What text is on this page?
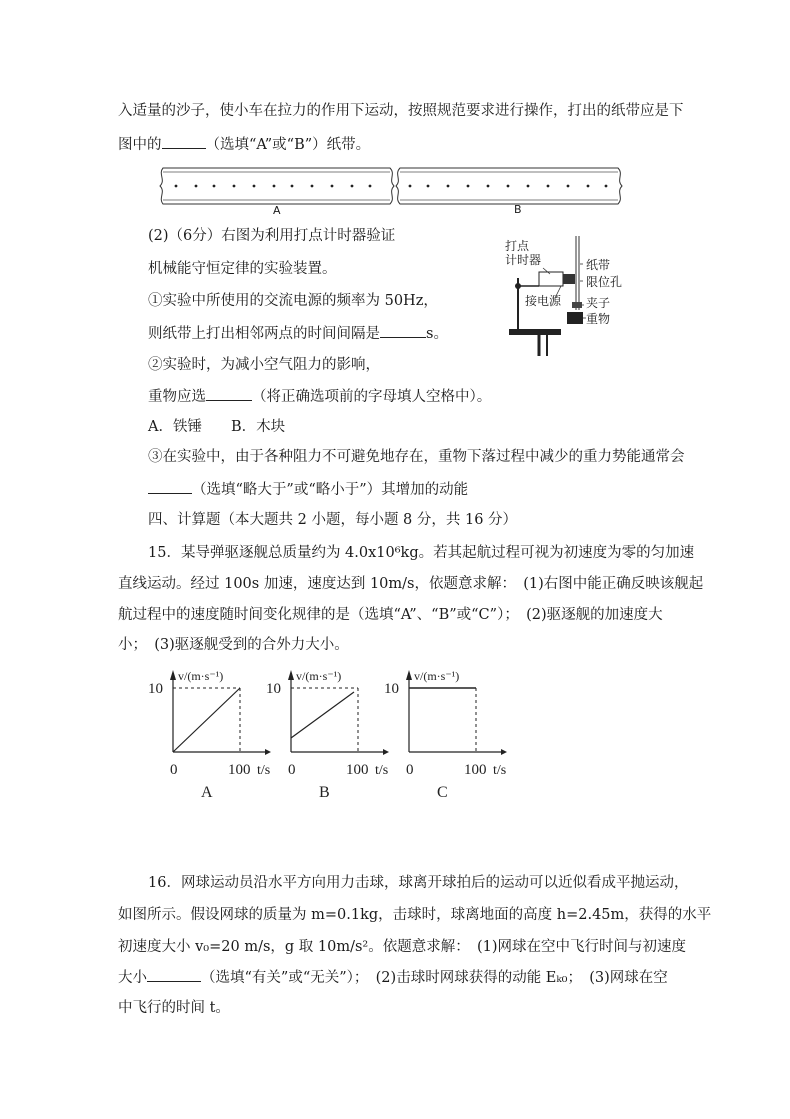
入适量的沙子，使小车在拉力的作用下运动，按照规范要求进行操作，打出的纸带应是下
图中的	（选填“A”或“B”）纸带。
A	B
(2)（6分）右图为利用打点计时器验证
机械能守恒定律的实验装置。
①实验中所使用的交流电源的频率为 50Hz，
则纸带上打出相邻两点的时间间隔是	s。
②实验时，为减小空气阻力的影响，
重物应选	（将正确选项前的字母填人空格中）。
A．铁锤　　B．木块
③在实验中，由于各种阻力不可避免地存在，重物下落过程中减少的重力势能通常会
（选填“略大于”或“略小于”）其增加的动能
打点
计时器	纸带
限位孔
接电源 夹子
重物
四、计算题（本大题共 2 小题，每小题 8 分，共 16 分）
15．某导弹驱逐舰总质量约为 4.0x10⁶kg。若其起航过程可视为初速度为零的匀加速
直线运动。经过 100s 加速，速度达到 10m/s，依题意求解：　(1)右图中能正确反映该舰起
航过程中的速度随时间变化规律的是（选填“A”、“B”或“C”）；　(2)驱逐舰的加速度大
小；　(3)驱逐舰受到的合外力大小。
v/(m·s⁻¹)
10
0	100 t/s
A
v/(m·s⁻¹)
10
0	100 t/s
B
v/(m·s⁻¹)
10
0	100 t/s
C
16．网球运动员沿水平方向用力击球，球离开球拍后的运动可以近似看成平抛运动，
如图所示。假设网球的质量为 m=0.1kg，击球时，球离地面的高度 h=2.45m，获得的水平
初速度大小 v₀=20 m/s，g 取 10m/s²。依题意求解：　(1)网球在空中飞行时间与初速度
大小	（选填“有关”或“无关”）；　(2)击球时网球获得的动能 Eₖ₀；　(3)网球在空
中飞行的时间 t。
